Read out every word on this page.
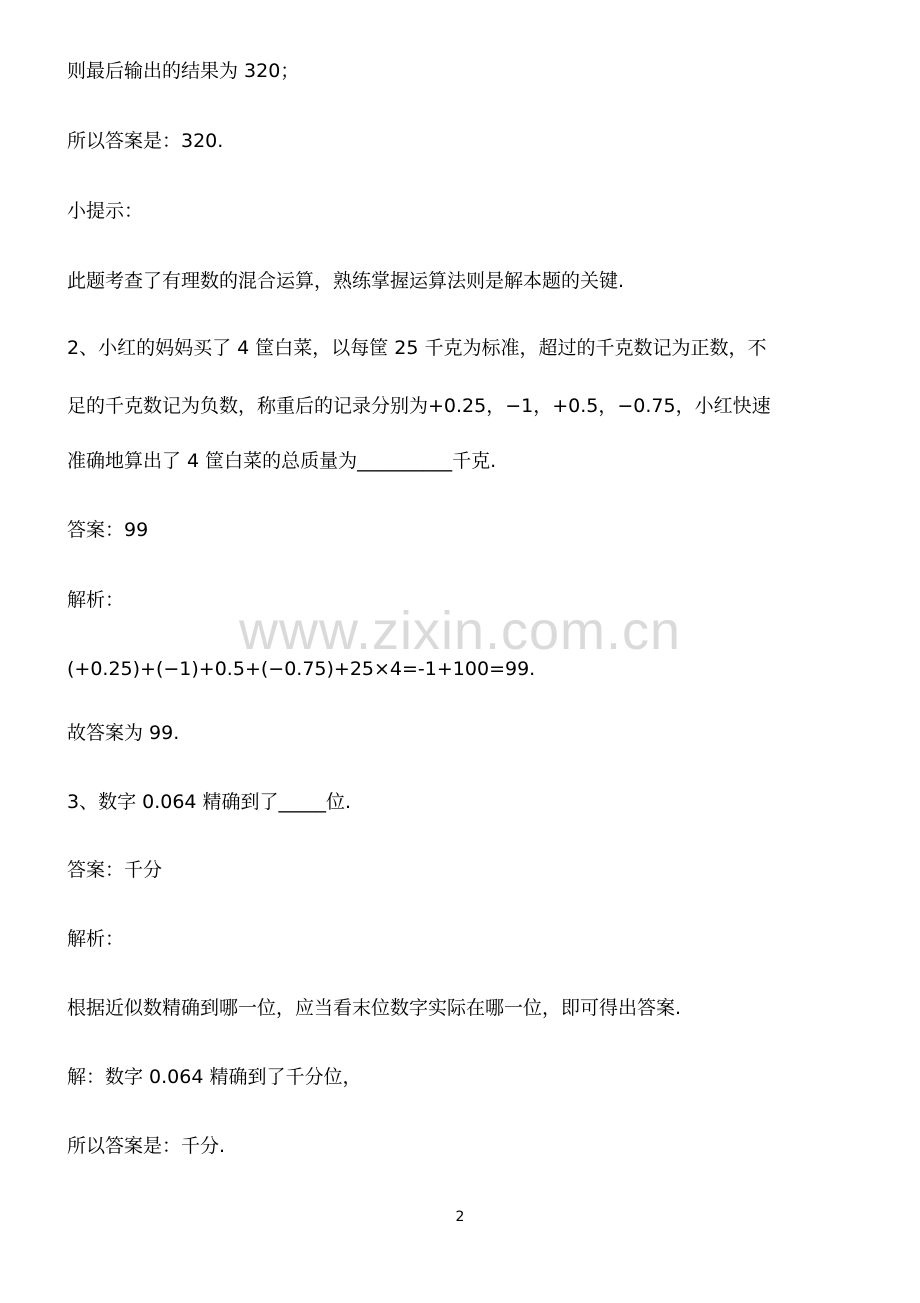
则最后输出的结果为 320；
所以答案是：320.
小提示：
此题考查了有理数的混合运算，熟练掌握运算法则是解本题的关键.
2、小红的妈妈买了 4 筐白菜，以每筐 25 千克为标准，超过的千克数记为正数，不
足的千克数记为负数，称重后的记录分别为+0.25，−1，+0.5，−0.75，小红快速
准确地算出了 4 筐白菜的总质量为__________千克.
答案：99
解析：
(+0.25)+(−1)+0.5+(−0.75)+25×4=-1+100=99.
故答案为 99.
3、数字 0.064 精确到了_____位.
答案：千分
解析：
根据近似数精确到哪一位，应当看末位数字实际在哪一位，即可得出答案.
解：数字 0.064 精确到了千分位，
所以答案是：千分.
www.zixin.com.cn
2
